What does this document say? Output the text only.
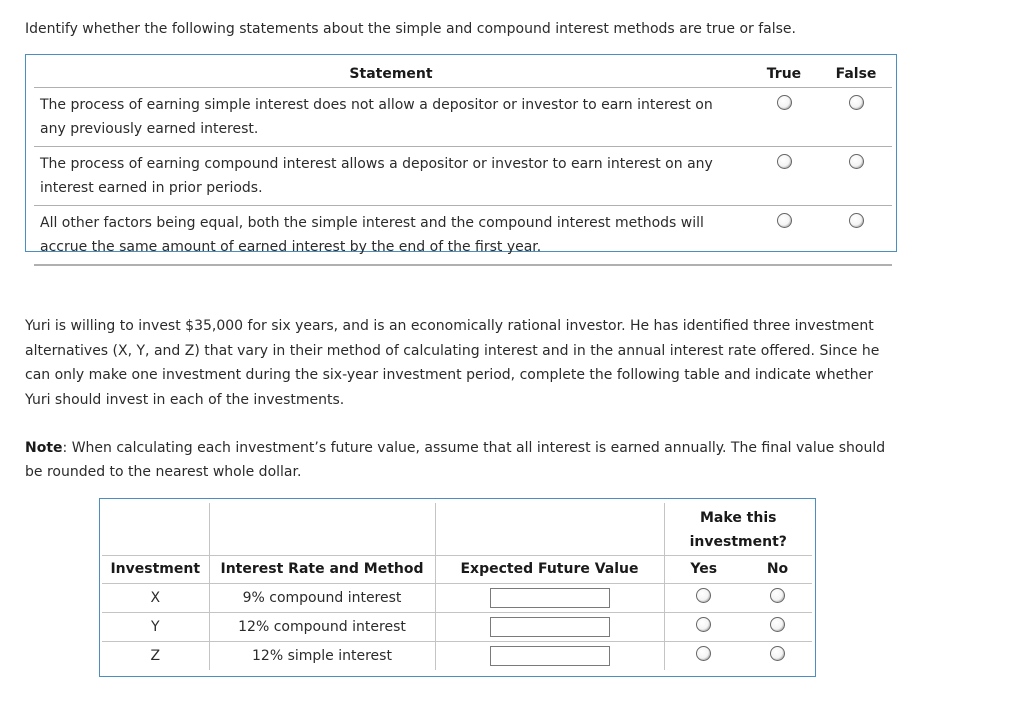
Identify whether the following statements about the simple and compound interest methods are true or false.
Statement	True	False
The process of earning simple interest does not allow a depositor or investor to earn interest on any previously earned interest.		
The process of earning compound interest allows a depositor or investor to earn interest on any interest earned in prior periods.		
All other factors being equal, both the simple interest and the compound interest methods will accrue the same amount of earned interest by the end of the first year.		
Yuri is willing to invest $35,000 for six years, and is an economically rational investor. He has identified three investment alternatives (X, Y, and Z) that vary in their method of calculating interest and in the annual interest rate offered. Since he can only make one investment during the six-year investment period, complete the following table and indicate whether Yuri should invest in each of the investments.
Note: When calculating each investment’s future value, assume that all interest is earned annually. The final value should be rounded to the nearest whole dollar.
			Make this investment?	
Investment	Interest Rate and Method	Expected Future Value	Yes	No
X	9% compound interest			
Y	12% compound interest			
Z	12% simple interest			
